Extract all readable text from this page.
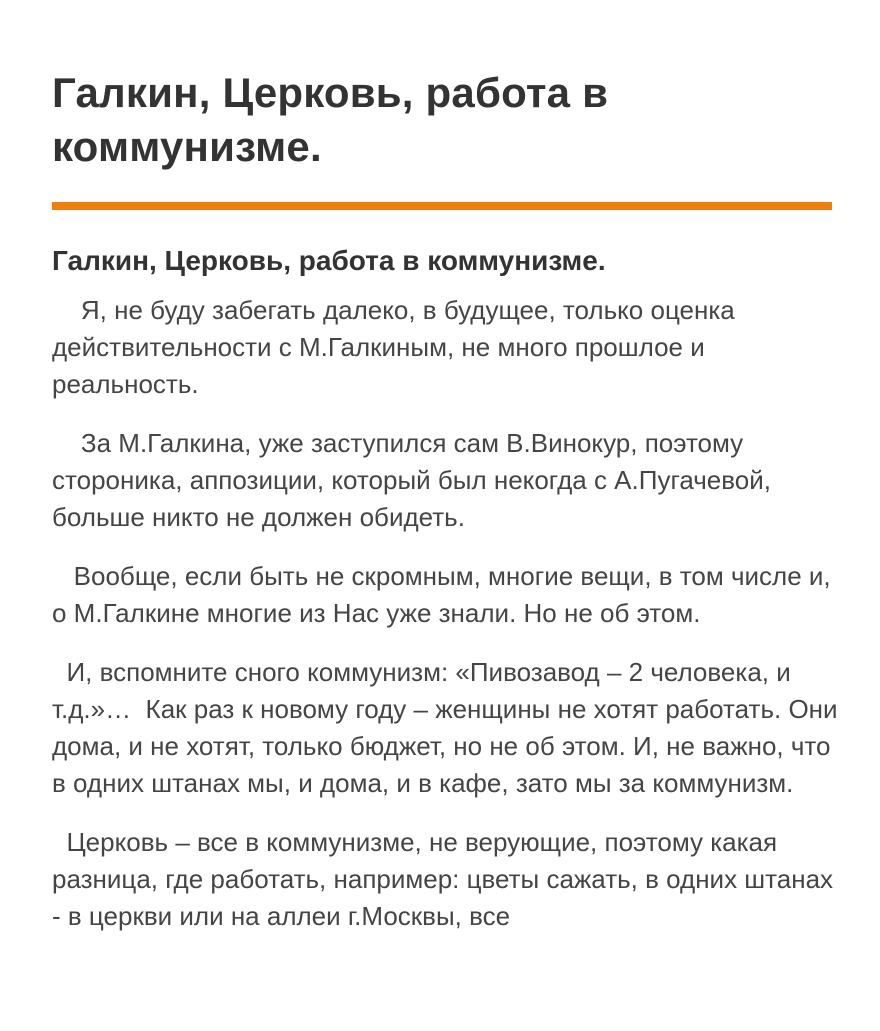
Галкин, Церковь, работа в коммунизме.
Галкин, Церковь, работа в коммунизме.

Я, не буду забегать далеко, в будущее, только оценка действительности с М.Галкиным, не много прошлое и реальность.

За М.Галкина, уже заступился сам В.Винокур, поэтому стороника, аппозиции, который был некогда с А.Пугачевой, больше никто не должен обидеть.

Вообще, если быть не скромным, многие вещи, в том числе и, о М.Галкине многие из Нас уже знали. Но не об этом.

И, вспомните сного коммунизм: «Пивозавод – 2 человека, и т.д.»…  Как раз к новому году – женщины не хотят работать. Они дома, и не хотят, только бюджет, но не об этом. И, не важно, что в одних штанах мы, и дома, и в кафе, зато мы за коммунизм.

Церковь – все в коммунизме, не верующие, поэтому какая разница, где работать, например: цветы сажать, в одних штанах - в церкви или на аллеи г.Москвы, все
